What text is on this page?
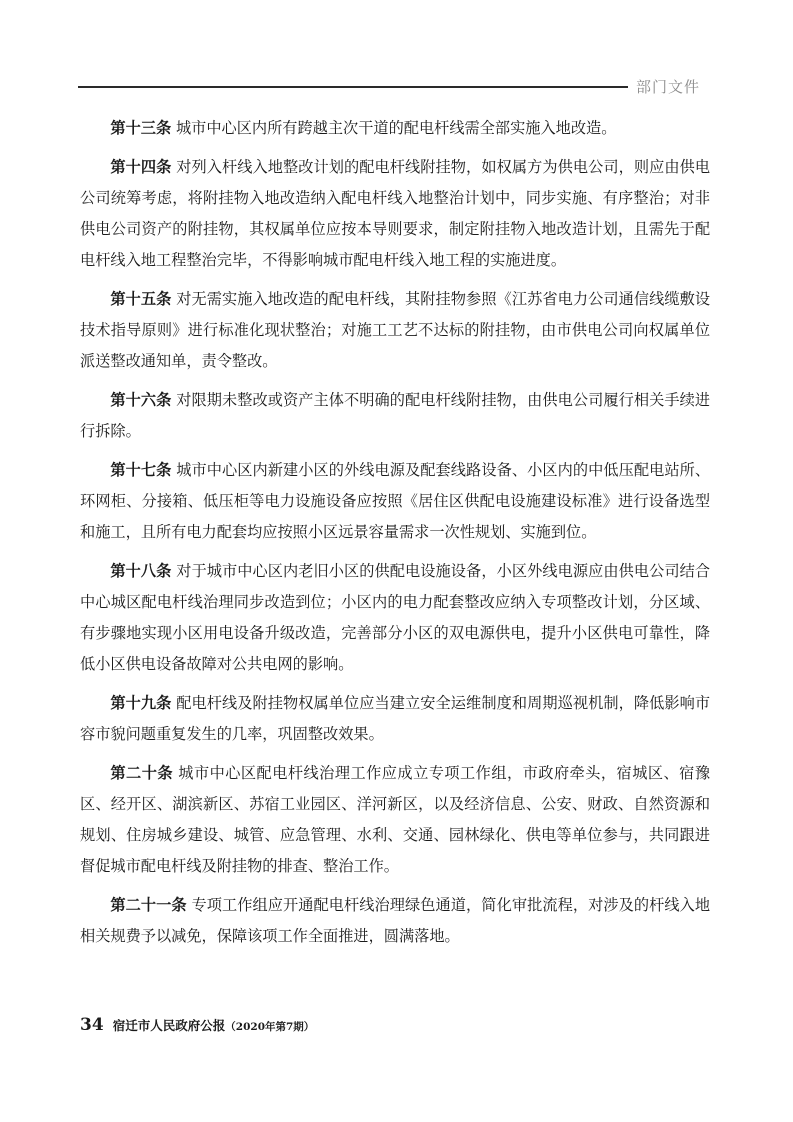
部门文件

第十三条 城市中心区内所有跨越主次干道的配电杆线需全部实施入地改造。

第十四条 对列入杆线入地整改计划的配电杆线附挂物，如权属方为供电公司，则应由供电公司统筹考虑，将附挂物入地改造纳入配电杆线入地整治计划中，同步实施、有序整治；对非供电公司资产的附挂物，其权属单位应按本导则要求，制定附挂物入地改造计划，且需先于配电杆线入地工程整治完毕，不得影响城市配电杆线入地工程的实施进度。

第十五条 对无需实施入地改造的配电杆线，其附挂物参照《江苏省电力公司通信线缆敷设技术指导原则》进行标准化现状整治；对施工工艺不达标的附挂物，由市供电公司向权属单位派送整改通知单，责令整改。

第十六条 对限期未整改或资产主体不明确的配电杆线附挂物，由供电公司履行相关手续进行拆除。

第十七条 城市中心区内新建小区的外线电源及配套线路设备、小区内的中低压配电站所、环网柜、分接箱、低压柜等电力设施设备应按照《居住区供配电设施建设标准》进行设备选型和施工，且所有电力配套均应按照小区远景容量需求一次性规划、实施到位。

第十八条 对于城市中心区内老旧小区的供配电设施设备，小区外线电源应由供电公司结合中心城区配电杆线治理同步改造到位；小区内的电力配套整改应纳入专项整改计划，分区域、有步骤地实现小区用电设备升级改造，完善部分小区的双电源供电，提升小区供电可靠性，降低小区供电设备故障对公共电网的影响。

第十九条 配电杆线及附挂物权属单位应当建立安全运维制度和周期巡视机制，降低影响市容市貌问题重复发生的几率，巩固整改效果。

第二十条 城市中心区配电杆线治理工作应成立专项工作组，市政府牵头，宿城区、宿豫区、经开区、湖滨新区、苏宿工业园区、洋河新区，以及经济信息、公安、财政、自然资源和规划、住房城乡建设、城管、应急管理、水利、交通、园林绿化、供电等单位参与，共同跟进督促城市配电杆线及附挂物的排查、整治工作。

第二十一条 专项工作组应开通配电杆线治理绿色通道，简化审批流程，对涉及的杆线入地相关规费予以减免，保障该项工作全面推进，圆满落地。

34 宿迁市人民政府公报（2020年第7期）
